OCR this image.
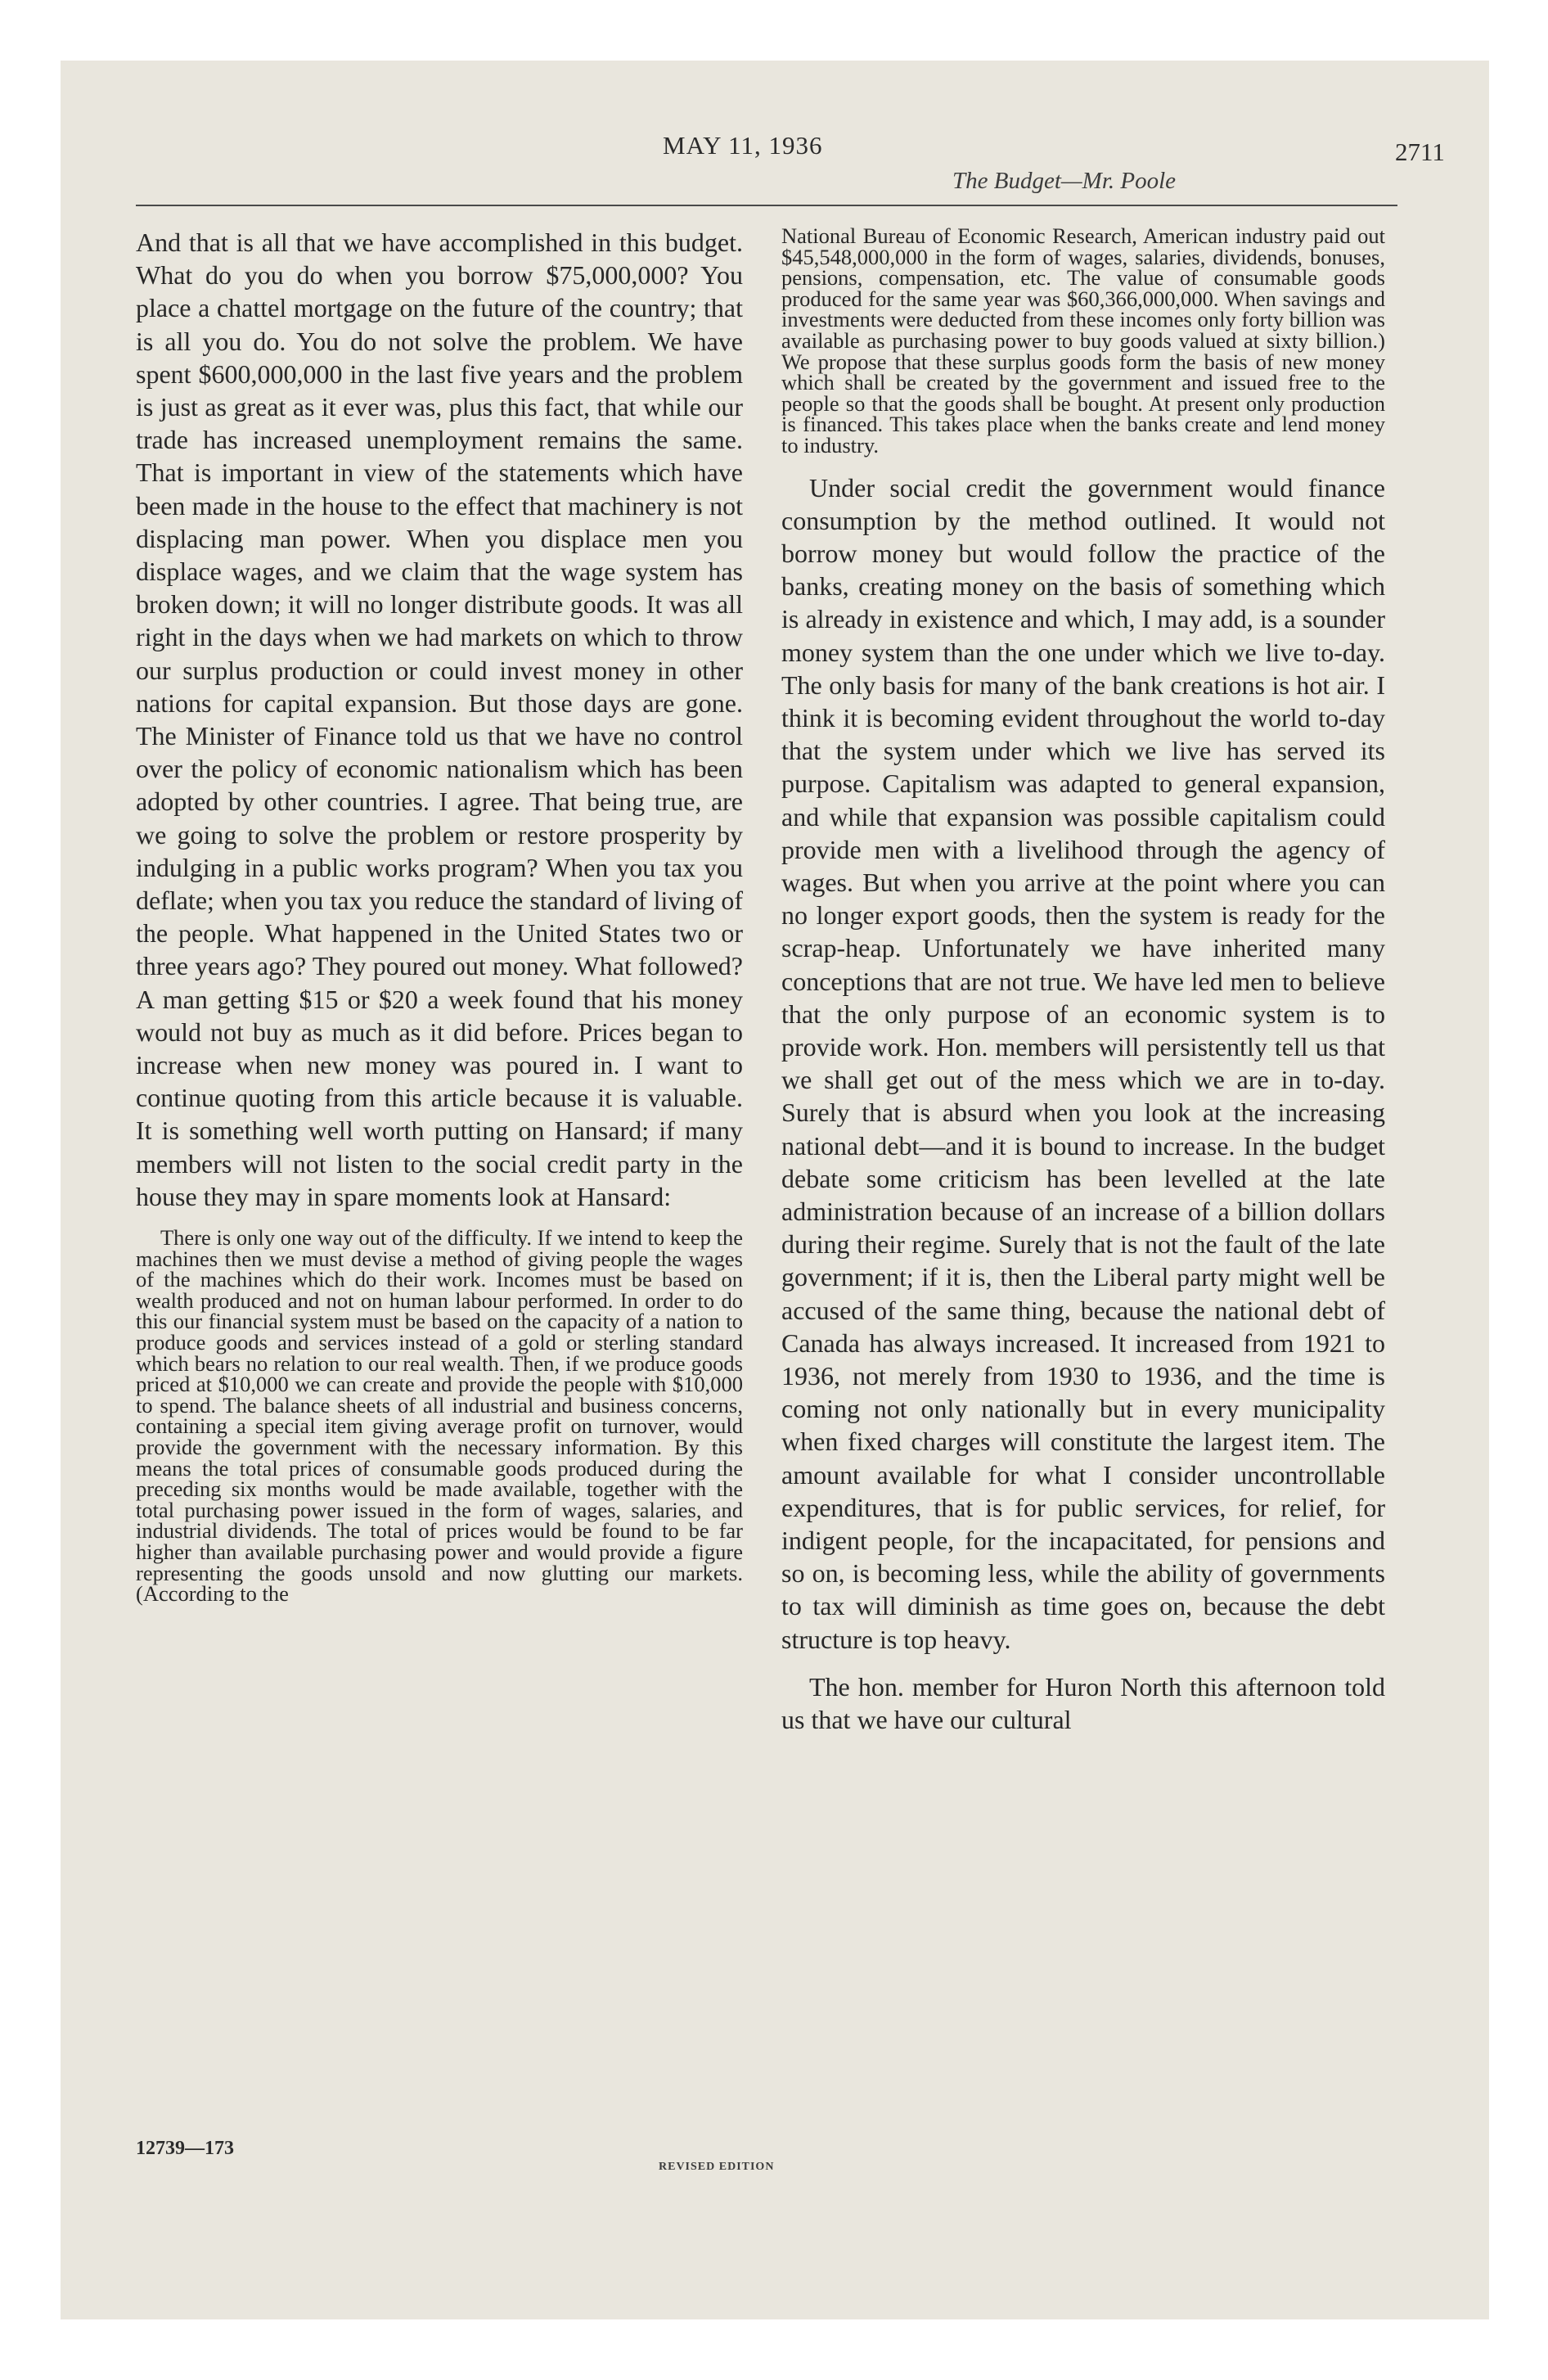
MAY 11, 1936
The Budget—Mr. Poole
2711

And that is all that we have accomplished in this budget. What do you do when you borrow $75,000,000? You place a chattel mortgage on the future of the country; that is all you do. You do not solve the problem. We have spent $600,000,000 in the last five years and the problem is just as great as it ever was, plus this fact, that while our trade has increased unemployment remains the same. That is important in view of the statements which have been made in the house to the effect that machinery is not displacing man power. When you displace men you displace wages, and we claim that the wage system has broken down; it will no longer distribute goods. It was all right in the days when we had markets on which to throw our surplus production or could invest money in other nations for capital expansion. But those days are gone. The Minister of Finance told us that we have no control over the policy of economic nationalism which has been adopted by other countries. I agree. That being true, are we going to solve the problem or restore prosperity by indulging in a public works program? When you tax you deflate; when you tax you reduce the standard of living of the people. What happened in the United States two or three years ago? They poured out money. What followed? A man getting $15 or $20 a week found that his money would not buy as much as it did before. Prices began to increase when new money was poured in. I want to continue quoting from this article because it is valuable. It is something well worth putting on Hansard; if many members will not listen to the social credit party in the house they may in spare moments look at Hansard:

There is only one way out of the difficulty. If we intend to keep the machines then we must devise a method of giving people the wages of the machines which do their work. Incomes must be based on wealth produced and not on human labour performed. In order to do this our financial system must be based on the capacity of a nation to produce goods and services instead of a gold or sterling standard which bears no relation to our real wealth. Then, if we produce goods priced at $10,000 we can create and provide the people with $10,000 to spend. The balance sheets of all industrial and business concerns, containing a special item giving average profit on turnover, would provide the government with the necessary information. By this means the total prices of consumable goods produced during the preceding six months would be made available, together with the total purchasing power issued in the form of wages, salaries, and industrial dividends. The total of prices would be found to be far higher than available purchasing power and would provide a figure representing the goods unsold and now glutting our markets. (According to the

National Bureau of Economic Research, American industry paid out $45,548,000,000 in the form of wages, salaries, dividends, bonuses, pensions, compensation, etc. The value of consumable goods produced for the same year was $60,366,000,000. When savings and investments were deducted from these incomes only forty billion was available as purchasing power to buy goods valued at sixty billion.) We propose that these surplus goods form the basis of new money which shall be created by the government and issued free to the people so that the goods shall be bought. At present only production is financed. This takes place when the banks create and lend money to industry.

Under social credit the government would finance consumption by the method outlined. It would not borrow money but would follow the practice of the banks, creating money on the basis of something which is already in existence and which, I may add, is a sounder money system than the one under which we live to-day. The only basis for many of the bank creations is hot air. I think it is becoming evident throughout the world to-day that the system under which we live has served its purpose. Capitalism was adapted to general expansion, and while that expansion was possible capitalism could provide men with a livelihood through the agency of wages. But when you arrive at the point where you can no longer export goods, then the system is ready for the scrap-heap. Unfortunately we have inherited many conceptions that are not true. We have led men to believe that the only purpose of an economic system is to provide work. Hon. members will persistently tell us that we shall get out of the mess which we are in to-day. Surely that is absurd when you look at the increasing national debt—and it is bound to increase. In the budget debate some criticism has been levelled at the late administration because of an increase of a billion dollars during their regime. Surely that is not the fault of the late government; if it is, then the Liberal party might well be accused of the same thing, because the national debt of Canada has always increased. It increased from 1921 to 1936, not merely from 1930 to 1936, and the time is coming not only nationally but in every municipality when fixed charges will constitute the largest item. The amount available for what I consider uncontrollable expenditures, that is for public services, for relief, for indigent people, for the incapacitated, for pensions and so on, is becoming less, while the ability of governments to tax will diminish as time goes on, because the debt structure is top heavy.

The hon. member for Huron North this afternoon told us that we have our cultural

12739—173
REVISED EDITION
